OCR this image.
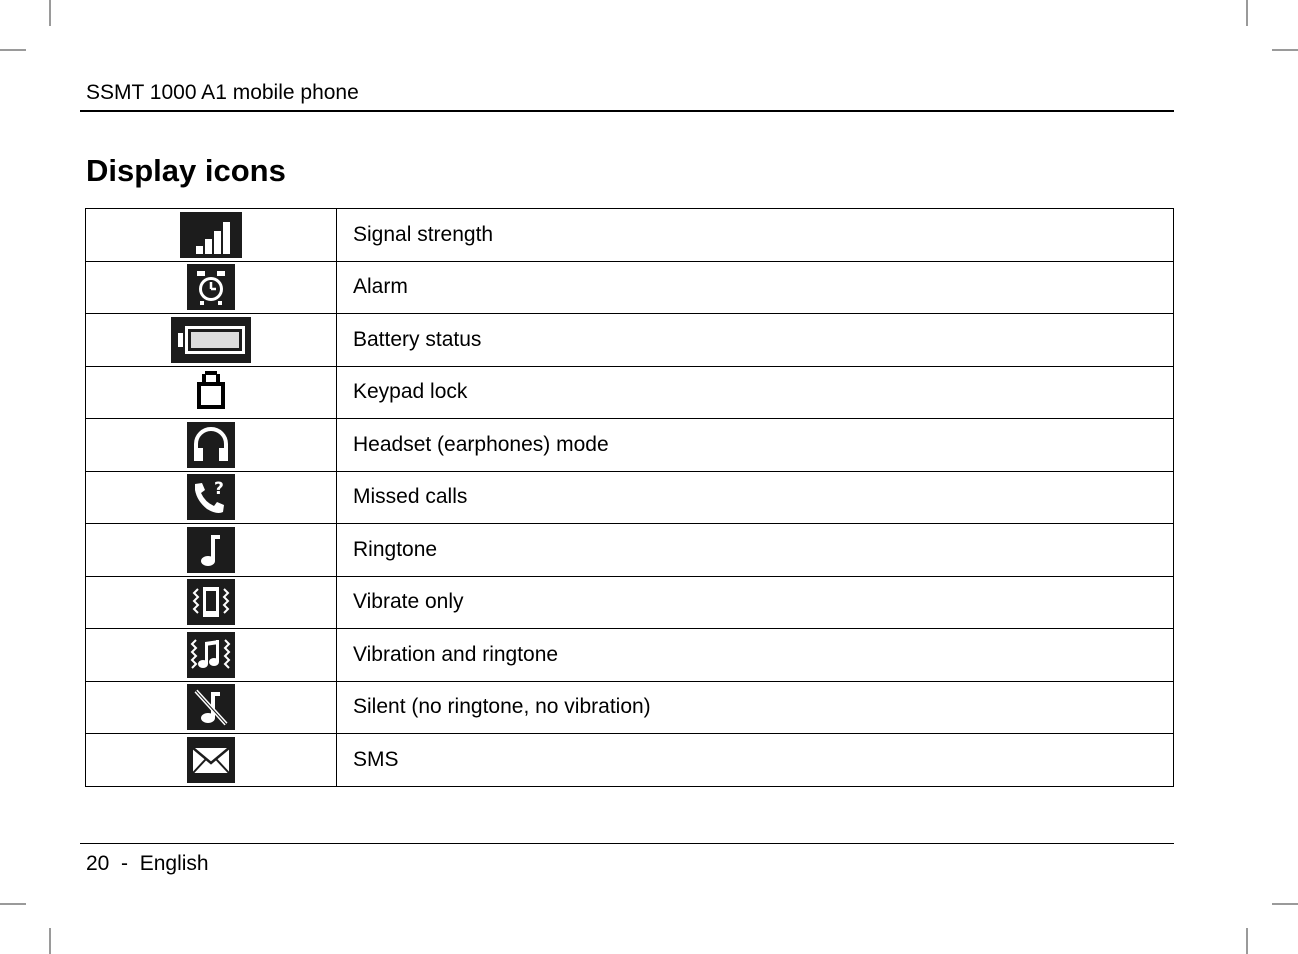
SSMT 1000 A1 mobile phone
Display icons
	Signal strength

	Alarm

	Battery status
	Keypad lock

	Headset (earphones) mode

?	Missed calls

	Ringtone

	Vibrate only

	Vibration and ringtone

	Silent (no ringtone, no vibration)

	SMS
20 - English
